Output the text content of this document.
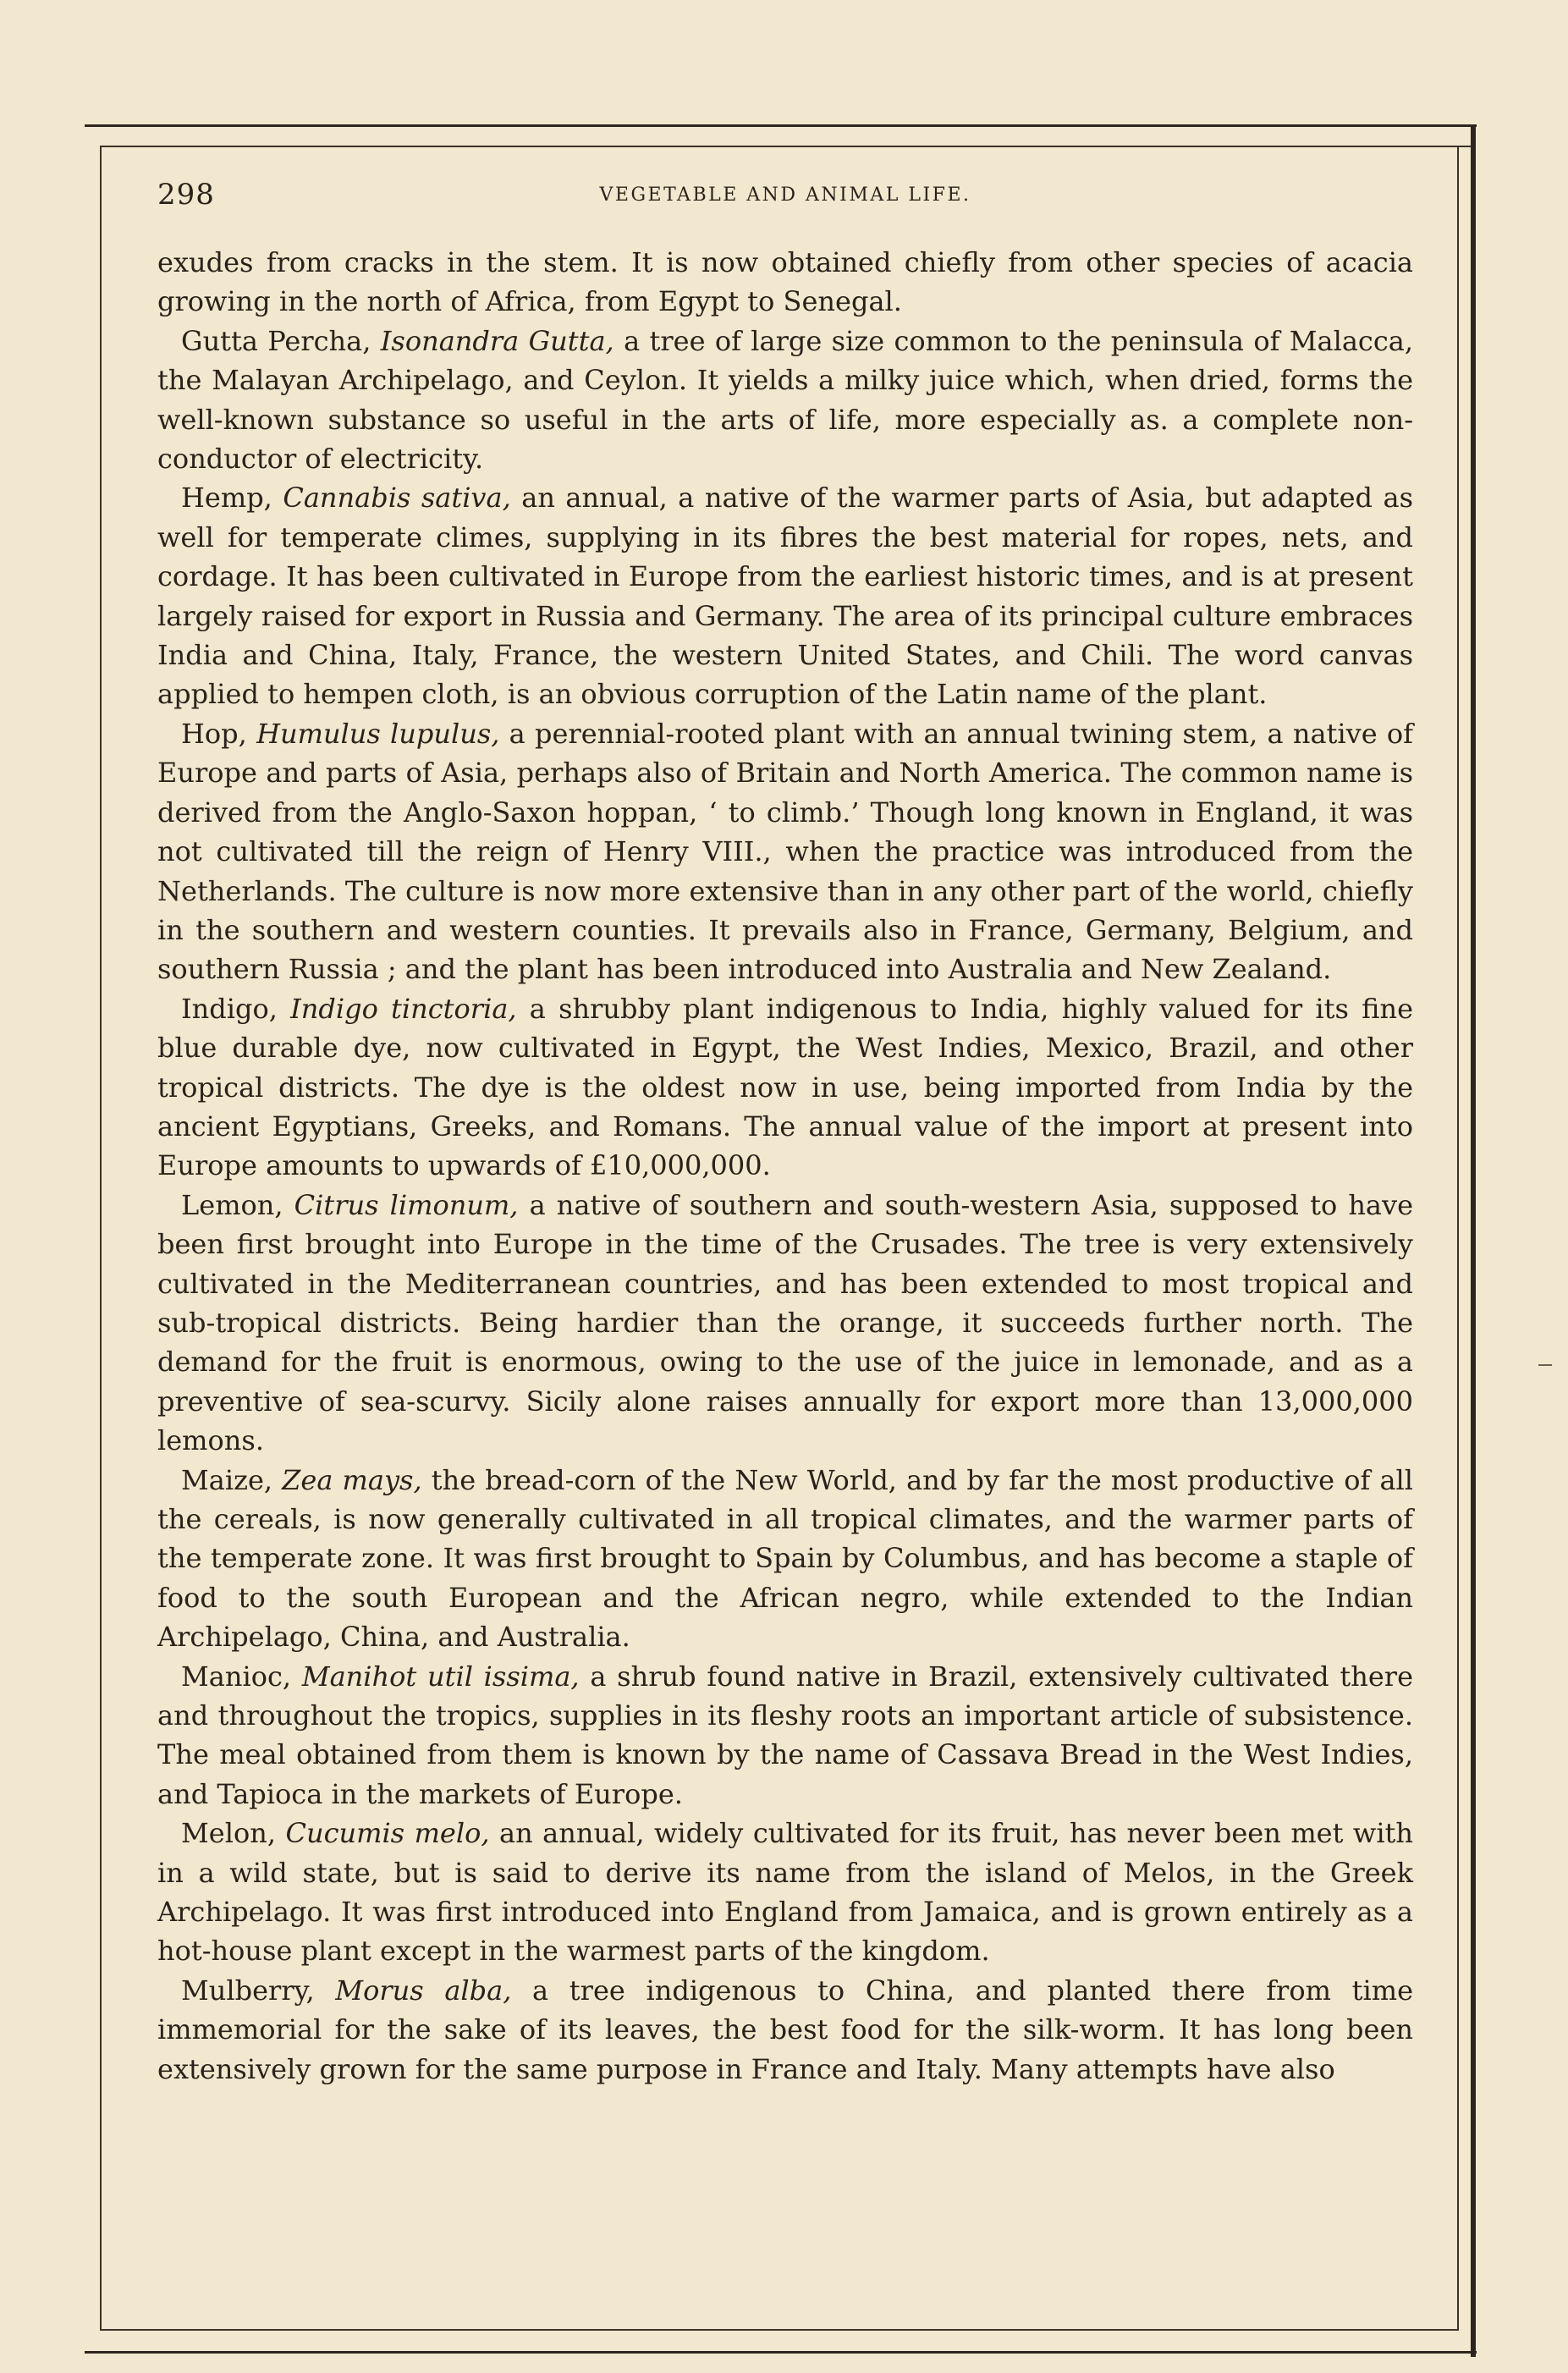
298	VEGETABLE AND ANIMAL LIFE.

exudes from cracks in the stem. It is now obtained chiefly from other species of acacia growing in the north of Africa, from Egypt to Senegal.

Gutta Percha, Isonandra Gutta, a tree of large size common to the peninsula of Malacca, the Malayan Archipelago, and Ceylon. It yields a milky juice which, when dried, forms the well-known substance so useful in the arts of life, more especially as. a complete non-conductor of electricity.

Hemp, Cannabis sativa, an annual, a native of the warmer parts of Asia, but adapted as well for temperate climes, supplying in its fibres the best material for ropes, nets, and cordage. It has been cultivated in Europe from the earliest historic times, and is at present largely raised for export in Russia and Germany. The area of its principal culture embraces India and China, Italy, France, the western United States, and Chili. The word canvas applied to hempen cloth, is an obvious corruption of the Latin name of the plant.

Hop, Humulus lupulus, a perennial-rooted plant with an annual twining stem, a native of Europe and parts of Asia, perhaps also of Britain and North America. The common name is derived from the Anglo-Saxon hoppan, ‘ to climb.’ Though long known in England, it was not cultivated till the reign of Henry VIII., when the practice was introduced from the Netherlands. The culture is now more extensive than in any other part of the world, chiefly in the southern and western counties. It prevails also in France, Germany, Belgium, and southern Russia ; and the plant has been introduced into Australia and New Zealand.

Indigo, Indigo tinctoria, a shrubby plant indigenous to India, highly valued for its fine blue durable dye, now cultivated in Egypt, the West Indies, Mexico, Brazil, and other tropical districts. The dye is the oldest now in use, being imported from India by the ancient Egyptians, Greeks, and Romans. The annual value of the import at present into Europe amounts to upwards of £10,000,000.

Lemon, Citrus limonum, a native of southern and south-western Asia, supposed to have been first brought into Europe in the time of the Crusades. The tree is very extensively cultivated in the Mediterranean countries, and has been extended to most tropical and sub-tropical districts. Being hardier than the orange, it succeeds further north. The demand for the fruit is enormous, owing to the use of the juice in lemonade, and as a preventive of sea-scurvy. Sicily alone raises annually for export more than 13,000,000 lemons.

Maize, Zea mays, the bread-corn of the New World, and by far the most productive of all the cereals, is now generally cultivated in all tropical climates, and the warmer parts of the temperate zone. It was first brought to Spain by Columbus, and has become a staple of food to the south European and the African negro, while extended to the Indian Archipelago, China, and Australia.

Manioc, Manihot util issima, a shrub found native in Brazil, extensively cultivated there and throughout the tropics, supplies in its fleshy roots an important article of subsistence. The meal obtained from them is known by the name of Cassava Bread in the West Indies, and Tapioca in the markets of Europe.

Melon, Cucumis melo, an annual, widely cultivated for its fruit, has never been met with in a wild state, but is said to derive its name from the island of Melos, in the Greek Archipelago. It was first introduced into England from Jamaica, and is grown entirely as a hot-house plant except in the warmest parts of the kingdom.

Mulberry, Morus alba, a tree indigenous to China, and planted there from time immemorial for the sake of its leaves, the best food for the silk-worm. It has long been extensively grown for the same purpose in France and Italy. Many attempts have also
